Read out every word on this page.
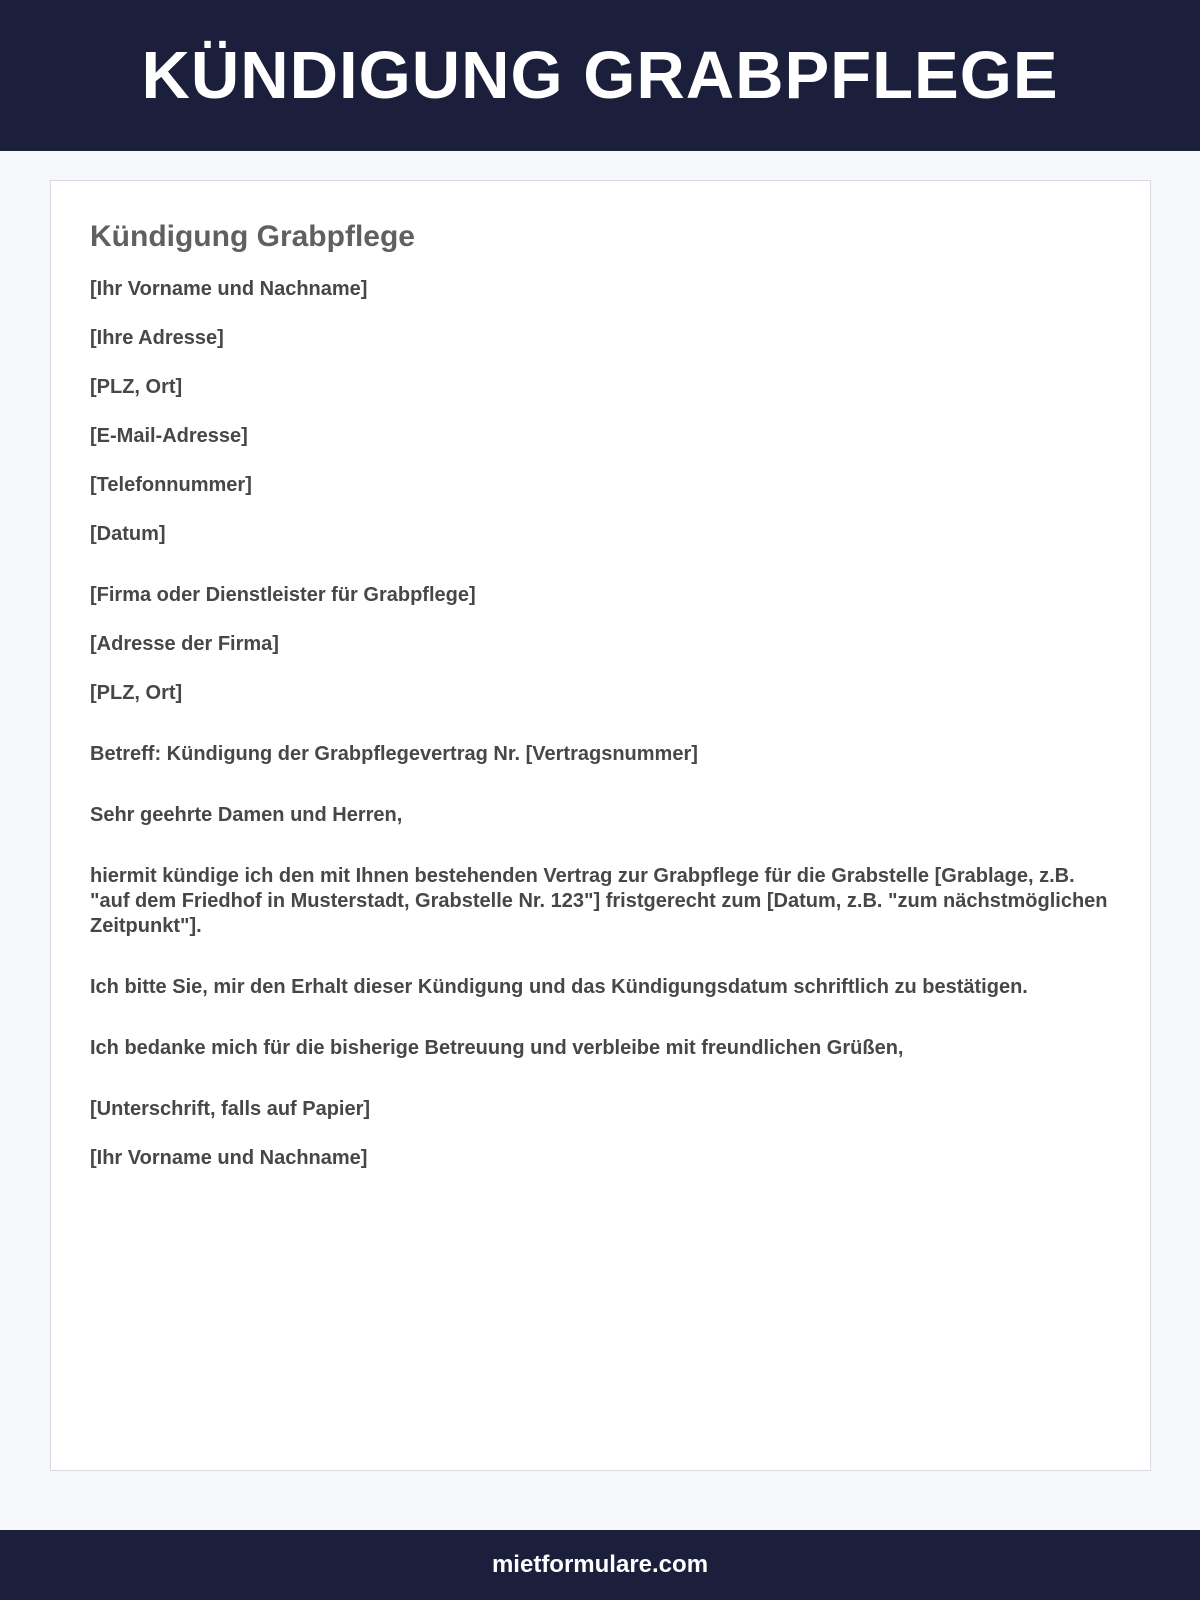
KÜNDIGUNG GRABPFLEGE
Kündigung Grabpflege

[Ihr Vorname und Nachname]

[Ihre Adresse]

[PLZ, Ort]

[E-Mail-Adresse]

[Telefonnummer]

[Datum]

[Firma oder Dienstleister für Grabpflege]

[Adresse der Firma]

[PLZ, Ort]

Betreff: Kündigung der Grabpflegevertrag Nr. [Vertragsnummer]

Sehr geehrte Damen und Herren,

hiermit kündige ich den mit Ihnen bestehenden Vertrag zur Grabpflege für die Grabstelle [Grablage, z.B. "auf dem Friedhof in Musterstadt, Grabstelle Nr. 123"] fristgerecht zum [Datum, z.B. "zum nächstmöglichen Zeitpunkt"].

Ich bitte Sie, mir den Erhalt dieser Kündigung und das Kündigungsdatum schriftlich zu bestätigen.

Ich bedanke mich für die bisherige Betreuung und verbleibe mit freundlichen Grüßen,

[Unterschrift, falls auf Papier]

[Ihr Vorname und Nachname]

mietformulare.com
